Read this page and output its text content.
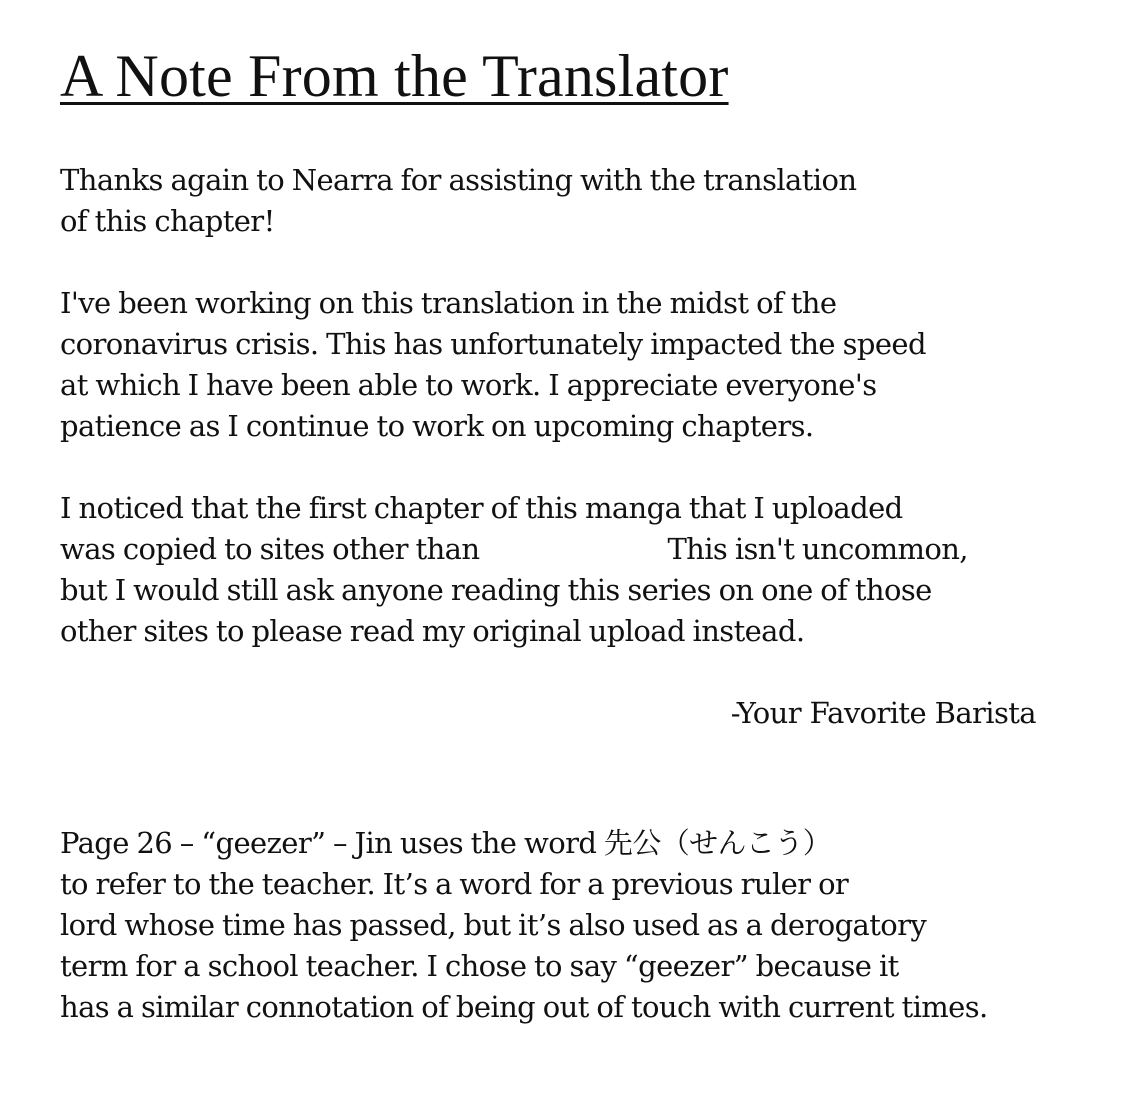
A Note From the Translator
Thanks again to Nearra for assisting with the translation
of this chapter!
I've been working on this translation in the midst of the
coronavirus crisis. This has unfortunately impacted the speed
at which I have been able to work. I appreciate everyone's
patience as I continue to work on upcoming chapters.
I noticed that the first chapter of this manga that I uploaded
was copied to sites other than	This isn't uncommon,
but I would still ask anyone reading this series on one of those
other sites to please read my original upload instead.
-Your Favorite Barista
Page 26 – “geezer” – Jin uses the word 先公（せんこう）
to refer to the teacher. It’s a word for a previous ruler or
lord whose time has passed, but it’s also used as a derogatory
term for a school teacher. I chose to say “geezer” because it
has a similar connotation of being out of touch with current times.
